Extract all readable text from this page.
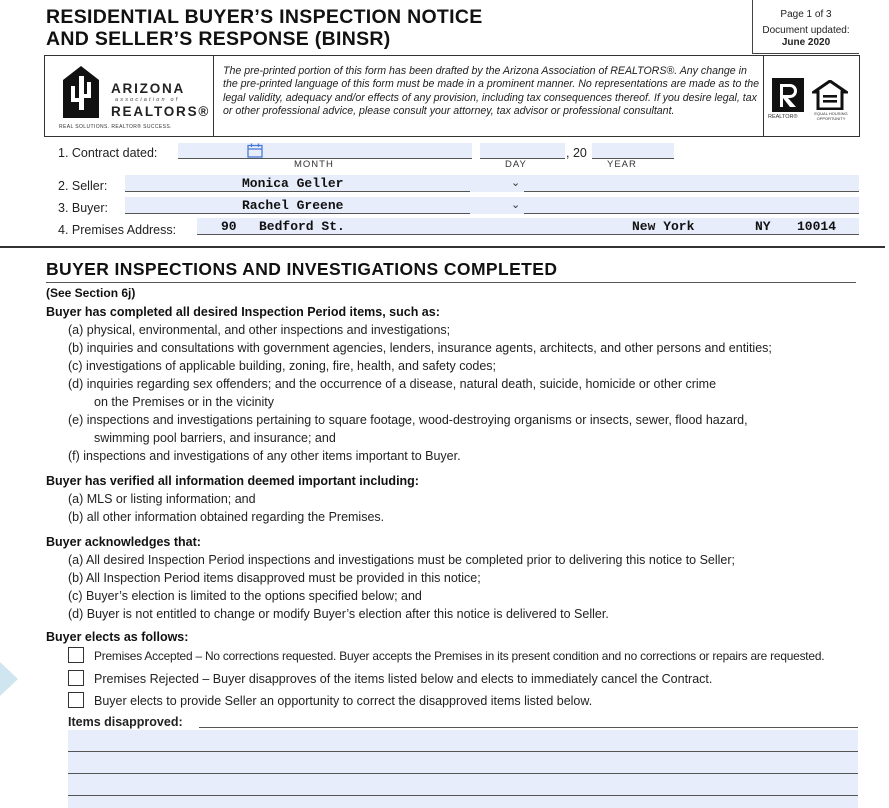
RESIDENTIAL BUYER’S INSPECTION NOTICE
AND SELLER’S RESPONSE (BINSR)
Page 1 of 3
Document updated:
June 2020
ARIZONA
association of
REALTORS®
REAL SOLUTIONS. REALTOR® SUCCESS.
The pre-printed portion of this form has been drafted by the Arizona Association of REALTORS®. Any change in the pre-printed language of this form must be made in a prominent manner. No representations are made as to the legal validity, adequacy and/or effects of any provision, including tax consequences thereof. If you desire legal, tax or other professional advice, please consult your attorney, tax advisor or professional consultant.
REALTOR®
EQUAL HOUSING OPPORTUNITY
1. Contract dated:
MONTH	DAY
, 20
YEAR
2. Seller:	Monica Geller	⌄
3. Buyer:	Rachel Greene	⌄
4. Premises Address:	90 Bedford St.	New York	NY 10014
BUYER INSPECTIONS AND INVESTIGATIONS COMPLETED
(See Section 6j)
Buyer has completed all desired Inspection Period items, such as:
(a) physical, environmental, and other inspections and investigations;
(b) inquiries and consultations with government agencies, lenders, insurance agents, architects, and other persons and entities;
(c) investigations of applicable building, zoning, fire, health, and safety codes;
(d) inquiries regarding sex offenders; and the occurrence of a disease, natural death, suicide, homicide or other crime
on the Premises or in the vicinity
(e) inspections and investigations pertaining to square footage, wood-destroying organisms or insects, sewer, flood hazard,
swimming pool barriers, and insurance; and
(f) inspections and investigations of any other items important to Buyer.
Buyer has verified all information deemed important including:
(a) MLS or listing information; and
(b) all other information obtained regarding the Premises.
Buyer acknowledges that:
(a) All desired Inspection Period inspections and investigations must be completed prior to delivering this notice to Seller;
(b) All Inspection Period items disapproved must be provided in this notice;
(c) Buyer’s election is limited to the options specified below; and
(d) Buyer is not entitled to change or modify Buyer’s election after this notice is delivered to Seller.
Buyer elects as follows:
Premises Accepted – No corrections requested. Buyer accepts the Premises in its present condition and no corrections or repairs are requested.
Premises Rejected – Buyer disapproves of the items listed below and elects to immediately cancel the Contract.
Buyer elects to provide Seller an opportunity to correct the disapproved items listed below.
Items disapproved:
